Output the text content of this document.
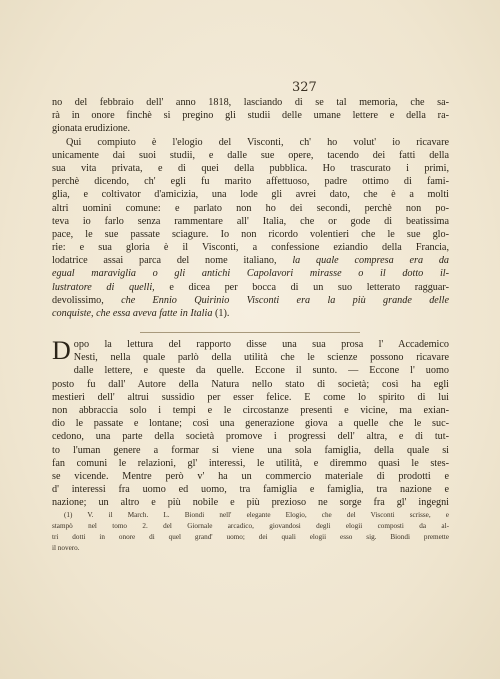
327
no del febbraio dell' anno 1818, lasciando di se tal memoria, che sa-
rà in onore finchè si pregino gli studii delle umane lettere e della ra-
gionata erudizione.
Qui compiuto è l'elogio del Visconti, ch' ho volut' io ricavare
unicamente dai suoi studii, e dalle sue opere, tacendo dei fatti della
sua vita privata, e di quei della pubblica. Ho trascurato i primi,
perchè dicendo, ch' egli fu marito affettuoso, padre ottimo di fami-
glia, e coltivator d'amicizia, una lode gli avrei dato, che è a molti
altri uomini comune: e parlato non ho dei secondi, perchè non po-
teva io farlo senza rammentare all' Italia, che or gode di beatissima
pace, le sue passate sciagure. Io non ricordo volentieri che le sue glo-
rie: e sua gloria è il Visconti, a confessione eziandio della Francia,
lodatrice assai parca del nome italiano, la quale compresa era da
egual maraviglia o gli antichi Capolavori mirasse o il dotto il-
lustratore di quelli, e dicea per bocca di un suo letterato ragguar-
devolissimo, che Ennio Quirinio Visconti era la più grande delle
conquiste, che essa aveva fatte in Italia (1).
D opo la lettura del rapporto disse una sua prosa l' Accademico
Nesti, nella quale parlò della utilità che le scienze possono ricavare
dalle lettere, e queste da quelle. Eccone il sunto. — Eccone l' uomo
posto fu dall' Autore della Natura nello stato di società; così ha egli
mestieri dell' altrui sussidio per esser felice. E come lo spirito di lui
non abbraccia solo i tempi e le circostanze presenti e vicine, ma exian-
dio le passate e lontane; così una generazione giova a quelle che le suc-
cedono, una parte della società promove i progressi dell' altra, e di tut-
to l'uman genere a formar si viene una sola famiglia, della quale si
fan comuni le relazioni, gl' interessi, le utilità, e diremmo quasi le stes-
se vicende. Mentre però v' ha un commercio materiale di prodotti e
d' interessi fra uomo ed uomo, tra famiglia e famiglia, tra nazione e
nazione; un altro e più nobile e più prezioso ne sorge fra gl' ingegni
(1) V. il March. L. Biondi nell' elegante Elogio, che del Visconti scrisse, e
stampò nel tomo 2. del Giornale arcadico, giovandosi degli elogii composti da al-
tri dotti in onore di quel grand' uomo; dei quali elogii esso sig. Biondi premette
il novero.
